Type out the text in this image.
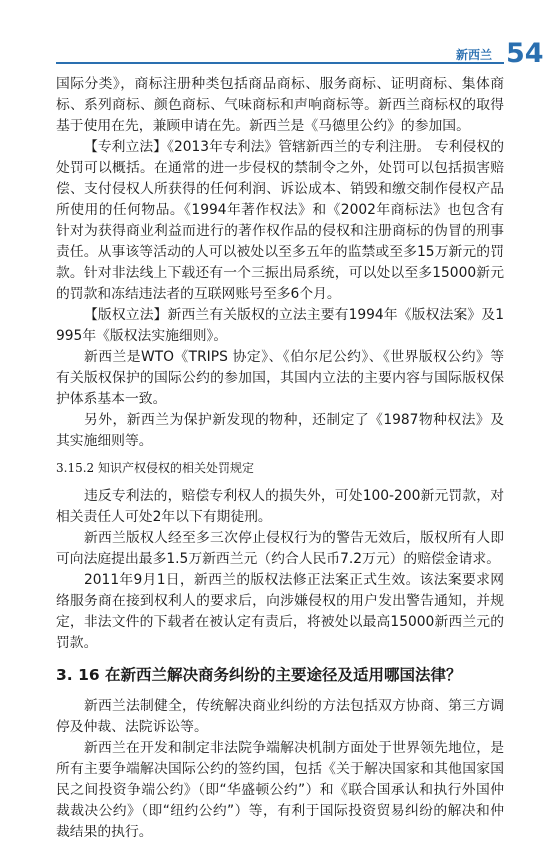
新西兰 54

国际分类》，商标注册种类包括商品商标、服务商标、证明商标、集体商标、系列商标、颜色商标、气味商标和声响商标等。新西兰商标权的取得基于使用在先，兼顾申请在先。新西兰是《马德里公约》的参加国。

【专利立法】《2013年专利法》管辖新西兰的专利注册。 专利侵权的处罚可以概括。在通常的进一步侵权的禁制令之外，处罚可以包括损害赔偿、支付侵权人所获得的任何利润、诉讼成本、销毁和缴交制作侵权产品所使用的任何物品。《1994年著作权法》和《2002年商标法》也包含有针对为获得商业利益而进行的著作权作品的侵权和注册商标的伪冒的刑事责任。从事该等活动的人可以被处以至多五年的监禁或至多15万新元的罚款。针对非法线上下载还有一个三振出局系统，可以处以至多15000新元的罚款和冻结违法者的互联网账号至多6个月。

【版权立法】新西兰有关版权的立法主要有1994年《版权法案》及1995年《版权法实施细则》。

新西兰是WTO《TRIPS 协定》、《伯尔尼公约》、《世界版权公约》等有关版权保护的国际公约的参加国，其国内立法的主要内容与国际版权保护体系基本一致。

另外，新西兰为保护新发现的物种，还制定了《1987物种权法》及其实施细则等。

3.15.2 知识产权侵权的相关处罚规定

违反专利法的，赔偿专利权人的损失外，可处100-200新元罚款，对相关责任人可处2年以下有期徒刑。

新西兰版权人经至多三次停止侵权行为的警告无效后，版权所有人即可向法庭提出最多1.5万新西兰元（约合人民币7.2万元）的赔偿金请求。

2011年9月1日，新西兰的版权法修正法案正式生效。该法案要求网络服务商在接到权利人的要求后，向涉嫌侵权的用户发出警告通知，并规定，非法文件的下载者在被认定有责后，将被处以最高15000新西兰元的罚款。

3. 16 在新西兰解决商务纠纷的主要途径及适用哪国法律？

新西兰法制健全，传统解决商业纠纷的方法包括双方协商、第三方调停及仲裁、法院诉讼等。

新西兰在开发和制定非法院争端解决机制方面处于世界领先地位，是所有主要争端解决国际公约的签约国，包括《关于解决国家和其他国家国民之间投资争端公约》（即“华盛顿公约”）和《联合国承认和执行外国仲裁裁决公约》（即“纽约公约”）等，有利于国际投资贸易纠纷的解决和仲裁结果的执行。
